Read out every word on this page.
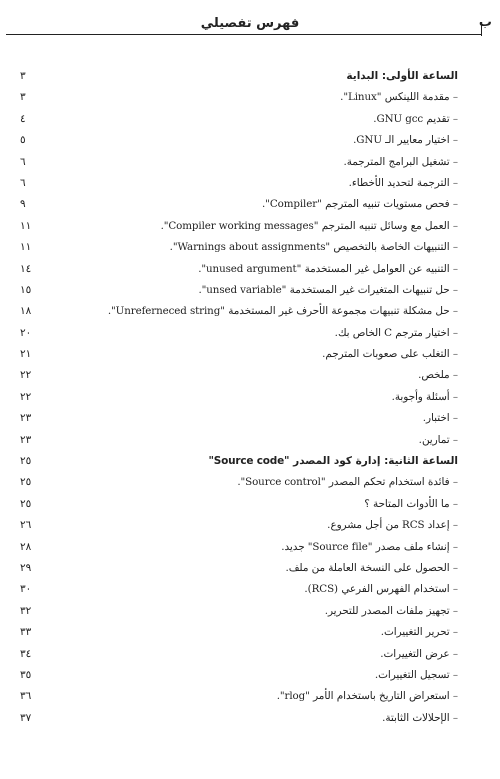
فهرس تفصيلي	ب
الساعة الأولى: البداية
٣
– مقدمة اللينكس "Linux".
٣
– تقديم GNU gcc.
٤
– اختيار معايير الـ GNU.
٥
– تشغيل البرامج المترجمة.
٦
– الترجمة لتحديد الأخطاء.
٦
– فحص مستويات تنبيه المترجم "Compiler".
٩
– العمل مع وسائل تنبيه المترجم "Compiler working messages".
١١
– التنبيهات الخاصة بالتخصيص "Warnings about assignments".
١١
– التنبيه عن العوامل غير المستخدمة "unused argument".
١٤
– حل تنبيهات المتغيرات غير المستخدمة "unsed variable".
١٥
– حل مشكلة تنبيهات مجموعة الأحرف غير المستخدمة "Unreferneced string".
١٨
– اختيار مترجم C الخاص بك.
٢٠
– التغلب على صعوبات المترجم.
٢١
– ملخص.
٢٢
– أسئلة وأجوبة.
٢٢
– اختبار.
٢٣
– تمارين.
٢٣
الساعة الثانية: إدارة كود المصدر "Source code"
٢٥
– فائدة استخدام تحكم المصدر "Source control".
٢٥
– ما الأدوات المتاحة ؟
٢٥
– إعداد RCS من أجل مشروع.
٢٦
– إنشاء ملف مصدر "Source file" جديد.
٢٨
– الحصول على النسخة العاملة من ملف.
٢٩
– استخدام الفهرس الفرعي (RCS).
٣٠
– تجهيز ملفات المصدر للتحرير.
٣٢
– تحرير التغييرات.
٣٣
– عرض التغييرات.
٣٤
– تسجيل التغييرات.
٣٥
– استعراض التاريخ باستخدام الأمر "rlog".
٣٦
– الإحلالات الثابتة.
٣٧
